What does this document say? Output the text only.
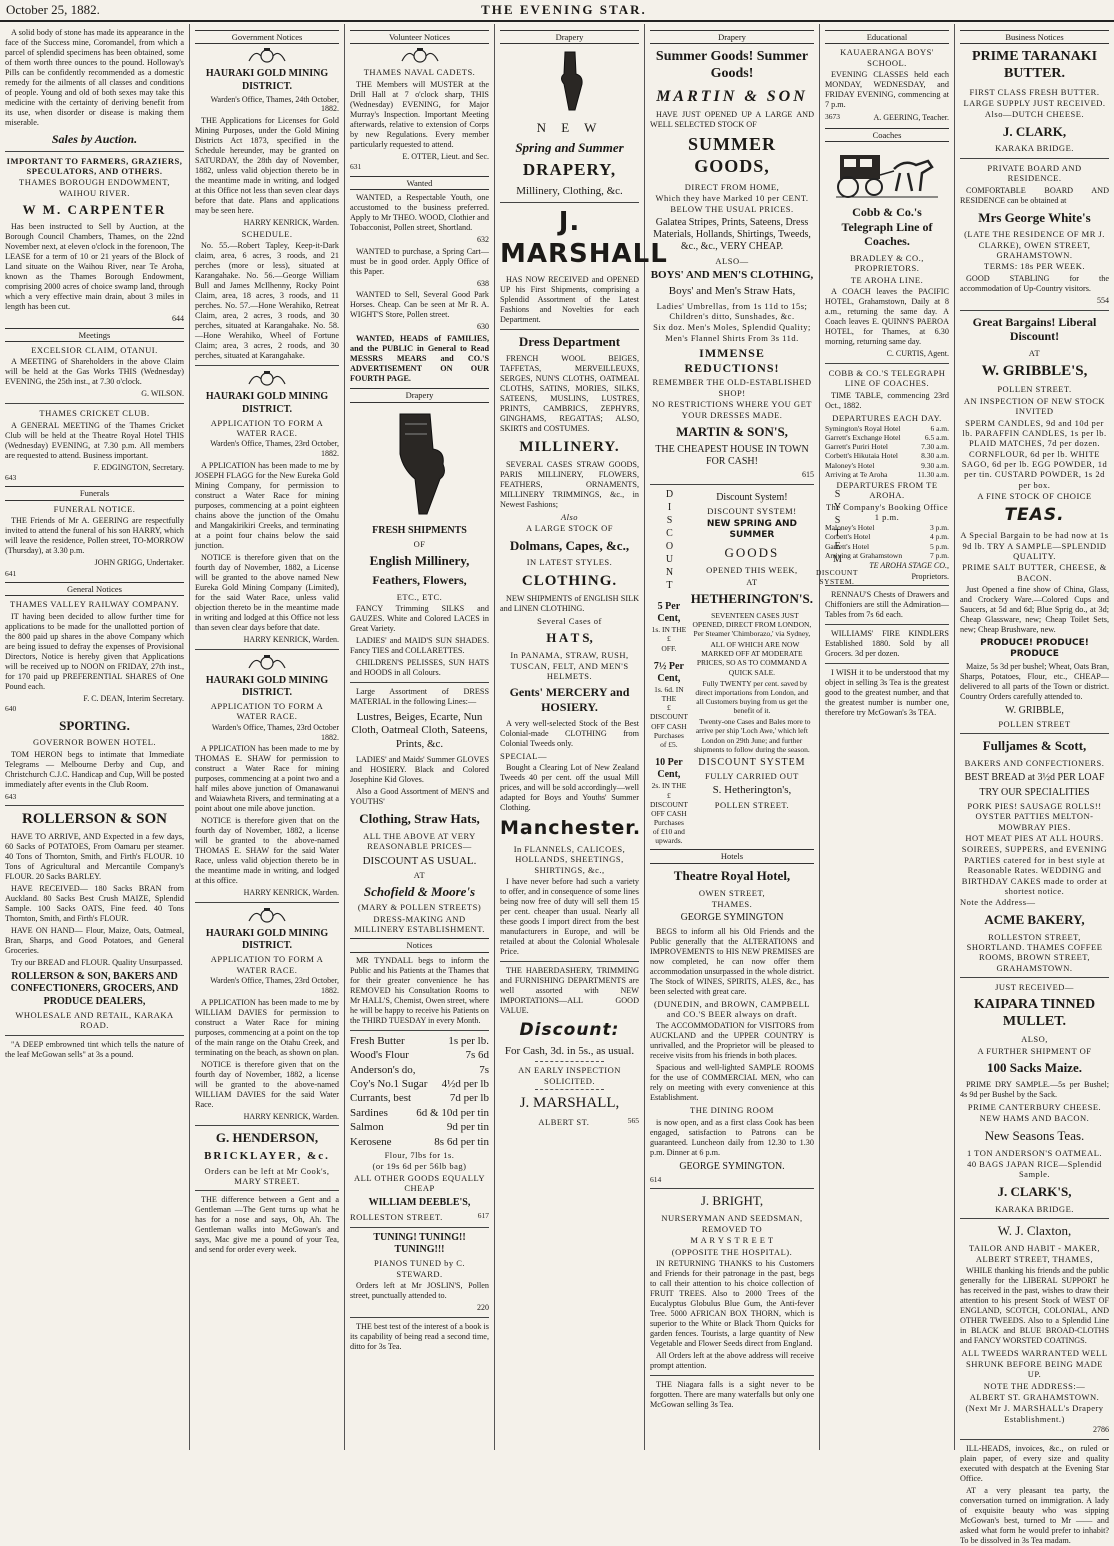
October 25, 1882.	THE EVENING STAR.

A solid body of stone has made its appearance in the face of the Success mine, Coromandel, from which a parcel of splendid specimens has been obtained, some of them worth three ounces to the pound. Holloway's Pills can be confidently recommended as a domestic remedy for the ailments of all classes and conditions of people. Young and old of both sexes may take this medicine with the certainty of deriving benefit from its use, when disorder or disease is making them miserable.

Sales by Auction.
IMPORTANT TO FARMERS, GRAZIERS, SPECULATORS, AND OTHERS.
THAMES BOROUGH ENDOWMENT, WAIHOU RIVER.
W M. CARPENTER

Has been instructed to Sell by Auction, at the Borough Council Chambers, Thames, on the 22nd November next, at eleven o'clock in the forenoon, The LEASE for a term of 10 or 21 years of the Block of Land situate on the Waihou River, near Te Aroha, known as the Thames Borough Endowment, comprising 2000 acres of choice swamp land, through which a very effective main drain, about 3 miles in length has been cut.

644
Meetings
EXCELSIOR CLAIM, OTANUI.

A MEETING of Shareholders in the above Claim will be held at the Gas Works THIS (Wednesday) EVENING, the 25th inst., at 7.30 o'clock.

G. WILSON.
THAMES CRICKET CLUB.

A GENERAL MEETING of the Thames Cricket Club will be held at the Theatre Royal Hotel THIS (Wednesday) EVENING, at 7.30 p.m. All members are requested to attend. Business important.

F. EDGINGTON, Secretary.
643
Funerals
FUNERAL NOTICE.

THE Friends of Mr A. GEERING are respectfully invited to attend the funeral of his son HARRY, which will leave the residence, Pollen street, TO-MORROW (Thursday), at 3.30 p.m.

JOHN GRIGG, Undertaker.
641
General Notices
THAMES VALLEY RAILWAY COMPANY.

IT having been decided to allow further time for applications to be made for the unallotted portion of the 800 paid up shares in the above Company which are being issued to defray the expenses of Provisional Directors, Notice is hereby given that Applications will be received up to NOON on FRIDAY, 27th inst., for 170 paid up PREFERENTIAL SHARES of One Pound each.

F. C. DEAN, Interim Secretary.
640
SPORTING.
GOVERNOR BOWEN HOTEL.

TOM HERON begs to intimate that Immediate Telegrams — Melbourne Derby and Cup, and Christchurch C.J.C. Handicap and Cup, Will be posted immediately after events in the Club Room.

643
ROLLERSON & SON

HAVE TO ARRIVE, AND Expected in a few days, 60 Sacks of POTATOES, From Oamaru per steamer. 40 Tons of Thornton, Smith, and Firth's FLOUR. 10 Tons of Agricultural and Mercantile Company's FLOUR. 20 Sacks BARLEY.

HAVE RECEIVED— 180 Sacks BRAN from Auckland. 80 Sacks Best Crush MAIZE, Splendid Sample. 100 Sacks OATS, Fine feed. 40 Tons Thornton, Smith, and Firth's FLOUR.

HAVE ON HAND— Flour, Maize, Oats, Oatmeal, Bran, Sharps, and Good Potatoes, and General Groceries.

Try our BREAD and FLOUR. Quality Unsurpassed.

ROLLERSON & SON, BAKERS AND CONFECTIONERS, GROCERS, AND PRODUCE DEALERS,
WHOLESALE AND RETAIL, KARAKA ROAD.

"A DEEP embrowned tint which tells the nature of the leaf McGowan sells" at 3s a pound.

Government Notices
HAURAKI GOLD MINING DISTRICT.
Warden's Office, Thames, 24th October, 1882.

THE Applications for Licenses for Gold Mining Purposes, under the Gold Mining Districts Act 1873, specified in the Schedule hereunder, may be granted on SATURDAY, the 28th day of November, 1882, unless valid objection thereto be in the meantime made in writing, and lodged at this Office not less than seven clear days before that date. Plans and applications may be seen here.

HARRY KENRICK, Warden.
SCHEDULE.

No. 55.—Robert Tapley, Keep-it-Dark claim, area, 6 acres, 3 roods, and 21 perches (more or less), situated at Karangahake. No. 56.—George William Bull and James McIlhenny, Rocky Point Claim, area, 18 acres, 3 roods, and 11 perches. No. 57.—Hone Werahiko, Retreat Claim, area, 2 acres, 3 roods, and 30 perches, situated at Karangahake. No. 58.—Hone Werahiko, Wheel of Fortune Claim; area, 3 acres, 2 roods, and 30 perches, situated at Karangahake.

HAURAKI GOLD MINING DISTRICT.
APPLICATION TO FORM A WATER RACE.
Warden's Office, Thames, 23rd October, 1882.

A PPLICATION has been made to me by JOSEPH FLAGG for the New Eureka Gold Mining Company, for permission to construct a Water Race for mining purposes, commencing at a point eighteen chains above the junction of the Omahu and Mangakirikiri Creeks, and terminating at a point four chains below the said junction.

NOTICE is therefore given that on the fourth day of November, 1882, a License will be granted to the above named New Eureka Gold Mining Company (Limited), for the said Water Race, unless valid objection thereto be in the meantime made in writing and lodged at this Office not less than seven clear days before that date.

HARRY KENRICK, Warden.
HAURAKI GOLD MINING DISTRICT.
APPLICATION TO FORM A WATER RACE.
Warden's Office, Thames, 23rd October 1882.

A PPLICATION has been made to me by THOMAS E. SHAW for permission to construct a Water Race for mining purposes, commencing at a point two and a half miles above junction of Omanawanui and Waiawheta Rivers, and terminating at a point about one mile above junction.

NOTICE is therefore given that on the fourth day of November, 1882, a license will be granted to the above-named THOMAS E. SHAW for the said Water Race, unless valid objection thereto be in the meantime made in writing, and lodged at this office.

HARRY KENRICK, Warden.
HAURAKI GOLD MINING DISTRICT.
APPLICATION TO FORM A WATER RACE.
Warden's Office, Thames, 23rd October, 1882.

A PPLICATION has been made to me by WILLIAM DAVIES for permission to construct a Water Race for mining purposes, commencing at a point on the top of the main range on the Otahu Creek, and terminating on the beach, as shown on plan.

NOTICE is therefore given that on the fourth day of November, 1882, a license will be granted to the above-named WILLIAM DAVIES for the said Water Race.

HARRY KENRICK, Warden.
G. HENDERSON,
BRICKLAYER, &c.
Orders can be left at Mr Cook's, MARY STREET.

THE difference between a Gent and a Gentleman —The Gent turns up what he has for a nose and says, Oh, Ah. The Gentleman walks into McGowan's and says, Mac give me a pound of your Tea, and send for order every week.

Volunteer Notices
THAMES NAVAL CADETS.

THE Members will MUSTER at the Drill Hall at 7 o'clock sharp, THIS (Wednesday) EVENING, for Major Murray's Inspection. Important Meeting afterwards, relative to extension of Corps by new Regulations. Every member particularly requested to attend.

E. OTTER, Lieut. and Sec.
631
Wanted

WANTED, a Respectable Youth, one accustomed to the business preferred. Apply to Mr THEO. WOOD, Clothier and Tobacconist, Pollen street, Shortland.

632

WANTED to purchase, a Spring Cart—must be in good order. Apply Office of this Paper.

638

WANTED to Sell, Several Good Park Horses. Cheap. Can be seen at Mr R. A. WIGHT'S Store, Pollen street.

630

WANTED, HEADS of FAMILIES, and the PUBLIC in General to Read MESSRS MEARS and CO.'S ADVERTISEMENT ON OUR FOURTH PAGE.

Drapery
FRESH SHIPMENTS
OF
English Millinery,
Feathers, Flowers,
ETC., ETC.

FANCY Trimming SILKS and GAUZES. White and Colored LACES in Great Variety.

LADIES' and MAID'S SUN SHADES. Fancy TIES and COLLARETTES.

CHILDREN'S PELISSES, SUN HATS and HOODS in all Colours.

Large Assortment of DRESS MATERIAL in the following Lines:—

Lustres, Beiges, Ecarte, Nun Cloth, Oatmeal Cloth, Sateens, Prints, &c.

LADIES' and Maids' Summer GLOVES and HOSIERY. Black and Colored Josephine Kid Gloves.

Also a Good Assortment of MEN'S and YOUTHS'

Clothing, Straw Hats,
ALL THE ABOVE AT VERY REASONABLE PRICES—
DISCOUNT AS USUAL.
AT
Schofield & Moore's
(MARY & POLLEN STREETS)
DRESS-MAKING AND MILLINERY ESTABLISHMENT.
Notices

MR TYNDALL begs to inform the Public and his Patients at the Thames that for their greater convenience he has REMOVED his Consultation Rooms to Mr HALL'S, Chemist, Owen street, where he will be happy to receive his Patients on the THIRD TUESDAY in every Month.

Fresh Butter	1s per lb.
Wood's Flour	7s 6d
Anderson's do,	7s
Coy's No.1 Sugar 4½d per lb
Currants, best	7d per lb
Sardines	6d & 10d per tin
Salmon	9d per tin
Kerosene	8s 6d per tin
Flour, 7lbs for 1s.
(or 19s 6d per 56lb bag)
ALL OTHER GOODS EQUALLY CHEAP
WILLIAM DEEBLE'S,
ROLLESTON STREET.	617
TUNING! TUNING!! TUNING!!!
PIANOS TUNED by C. STEWARD.

Orders left at Mr JOSLIN'S, Pollen street, punctually attended to.

220

THE best test of the interest of a book is its capability of being read a second time, ditto for 3s Tea.

Drapery
N E W
Spring and Summer
DRAPERY,
Millinery, Clothing, &c.
J. MARSHALL

HAS NOW RECEIVED and OPENED UP his First Shipments, comprising a Splendid Assortment of the Latest Fashions and Novelties for each Department.

Dress Department

FRENCH WOOL BEIGES, TAFFETAS, MERVEILLEUXS, SERGES, NUN'S CLOTHS, OATMEAL CLOTHS, SATINS, MORIES, SILKS, SATEENS, MUSLINS, LUSTRES, PRINTS, CAMBRICS, ZEPHYRS, GINGHAMS, REGATTAS; ALSO, SKIRTS and COSTUMES.

MILLINERY.

SEVERAL CASES STRAW GOODS, PARIS MILLINERY, FLOWERS, FEATHERS, ORNAMENTS, MILLINERY TRIMMINGS, &c., in Newest Fashions;

Also
A LARGE STOCK OF
Dolmans, Capes, &c.,
IN LATEST STYLES.
CLOTHING.

NEW SHIPMENTS of ENGLISH SILK and LINEN CLOTHING.

Several Cases of
H A T S,
In PANAMA, STRAW, RUSH, TUSCAN, FELT, AND MEN'S HELMETS.
Gents' MERCERY and HOSIERY.

A very well-selected Stock of the Best Colonial-made CLOTHING from Colonial Tweeds only.

SPECIAL—

Bought a Clearing Lot of New Zealand Tweeds 40 per cent. off the usual Mill prices, and will be sold accordingly—well adapted for Boys and Youths' Summer Clothing.

Manchester.
In FLANNELS, CALICOES, HOLLANDS, SHEETINGS, SHIRTINGS, &c.,

I have never before had such a variety to offer, and in consequence of some lines being now free of duty will sell them 15 per cent. cheaper than usual. Nearly all these goods I import direct from the best manufacturers in Europe, and will be retailed at about the Colonial Wholesale Price.

THE HABERDASHERY, TRIMMING and FURNISHING DEPARTMENTS are well assorted with NEW IMPORTATIONS—ALL GOOD VALUE.

Discount:
For Cash, 3d. in 5s., as usual.
AN EARLY INSPECTION SOLICITED.
J. MARSHALL,
ALBERT ST.	565
Drapery
Summer Goods! Summer Goods!
MARTIN & SON

HAVE JUST OPENED UP A LARGE AND WELL SELECTED STOCK OF

SUMMER GOODS,
DIRECT FROM HOME,
Which they have Marked 10 per CENT. BELOW THE USUAL PRICES.
Galatea Stripes, Prints, Sateens, Dress Materials, Hollands, Shirtings, Tweeds, &c., &c., VERY CHEAP.
ALSO—
BOYS' AND MEN'S CLOTHING,
Boys' and Men's Straw Hats,
Ladies' Umbrellas, from 1s 11d to 15s; Children's ditto, Sunshades, &c.
Six doz. Men's Moles, Splendid Quality; Men's Flannel Shirts From 3s 11d.
IMMENSE REDUCTIONS!
REMEMBER THE OLD-ESTABLISHED SHOP!
NO RESTRICTIONS WHERE YOU GET YOUR DRESSES MADE.
MARTIN & SON'S,
THE CHEAPEST HOUSE IN TOWN FOR CASH!
615
DISCOUNT
5 Per Cent,
1s. IN THE
£
OFF.
7½ Per Cent,
1s. 6d. IN THE
£
DISCOUNT OFF CASH Purchases of £5.
10 Per Cent,
2s. IN THE
£
DISCOUNT OFF CASH Purchases of £10 and upwards.
Discount System!
DISCOUNT SYSTEM!
NEW SPRING AND SUMMER
GOODS
OPENED THIS WEEK,
AT
HETHERINGTON'S.

SEVENTEEN CASES JUST OPENED, DIRECT FROM LONDON, Per Steamer 'Chimborazo,' via Sydney,

ALL OF WHICH ARE NOW MARKED OFF AT MODERATE PRICES, SO AS TO COMMAND A QUICK SALE.

Fully TWENTY per cent. saved by direct importations from London, and all Customers buying from us get the benefit of it.

Twenty-one Cases and Bales more to arrive per ship 'Loch Awe,' which left London on 29th June; and further shipments to follow during the season.

DISCOUNT SYSTEM
FULLY CARRIED OUT
S. Hetherington's,
POLLEN STREET.
SYSTEM
DISCOUNT SYSTEM.
Hotels
Theatre Royal Hotel,
OWEN STREET,
THAMES.
GEORGE SYMINGTON

BEGS to inform all his Old Friends and the Public generally that the ALTERATIONS and IMPROVEMENTS to HIS NEW PREMISES are now completed, he can now offer them accommodation unsurpassed in the whole district. The Stock of WINES, SPIRITS, ALES, &c., has been selected with great care.

(DUNEDIN, and BROWN, CAMPBELL and CO.'S BEER always on draft.

The ACCOMMODATION for VISITORS from AUCKLAND and the UPPER COUNTRY is unrivalled, and the Proprietor will be pleased to receive visits from his friends in both places.

Spacious and well-lighted SAMPLE ROOMS for the use of COMMERCIAL MEN, who can rely on meeting with every convenience at this Establishment.

THE DINING ROOM

is now open, and as a first class Cook has been engaged, satisfaction to Patrons can be guaranteed. Luncheon daily from 12.30 to 1.30 p.m. Dinner at 6 p.m.

GEORGE SYMINGTON.
614
J. BRIGHT,
NURSERYMAN AND SEEDSMAN,
REMOVED TO
M A R Y S T R E E T
(OPPOSITE THE HOSPITAL).

IN RETURNING THANKS to his Customers and Friends for their patronage in the past, begs to call their attention to his choice collection of FRUIT TREES. Also to 2000 Trees of the Eucalyptus Globulus Blue Gum, the Anti-fever Tree. 5000 AFRICAN BOX THORN, which is superior to the White or Black Thorn Quicks for garden fences. Tourists, a large quantity of New Vegetable and Flower Seeds direct from England.

All Orders left at the above address will receive prompt attention.

THE Niagara falls is a sight never to be forgotten. There are many waterfalls but only one McGowan selling 3s Tea.

Educational
KAUAERANGA BOYS' SCHOOL.

EVENING CLASSES held each MONDAY, WEDNESDAY, and FRIDAY EVENING, commencing at 7 p.m.

3673	A. GEERING, Teacher.
Coaches
Cobb & Co.'s Telegraph Line of Coaches.
BRADLEY & CO., PROPRIETORS.
TE AROHA LINE.

A COACH leaves the PACIFIC HOTEL, Grahamstown, Daily at 8 a.m., returning the same day. A Coach leaves E. QUINN'S PAEROA HOTEL, for Thames, at 6.30 morning, returning same day.

C. CURTIS, Agent.
COBB & CO.'S TELEGRAPH LINE OF COACHES.

TIME TABLE, commencing 23rd Oct., 1882.

DEPARTURES EACH DAY.
Symington's Royal Hotel	6 a.m.
Garrett's Exchange Hotel	6.5 a.m.
Garrett's Puriri Hotel	7.30 a.m.
Corbett's Hikutaia Hotel	8.30 a.m.
Maloney's Hotel	9.30 a.m.
Arriving at Te Aroha	11.30 a.m.
DEPARTURES FROM TE AROHA.
The Company's Booking Office 1 p.m.
Maloney's Hotel	3 p.m.
Corbett's Hotel	4 p.m.
Garrett's Hotel	5 p.m.
Arriving at Grahamstown	7 p.m.
TE AROHA STAGE CO.,
Proprietors.

RENNAU'S Chests of Drawers and Chiffoniers are still the Admiration—Tables from 7s 6d each.

WILLIAMS' FIRE KINDLERS Established 1880. Sold by all Grocers. 3d per dozen.

I WISH it to be understood that my object in selling 3s Tea is the greatest good to the greatest number, and that the greatest number is number one, therefore try McGowan's 3s TEA.

Business Notices
PRIME TARANAKI BUTTER.
FIRST CLASS FRESH BUTTER.
LARGE SUPPLY JUST RECEIVED.
Also—DUTCH CHEESE.
J. CLARK,
KARAKA BRIDGE.
PRIVATE BOARD AND RESIDENCE.

COMFORTABLE BOARD AND RESIDENCE can be obtained at

Mrs George White's
(LATE THE RESIDENCE OF MR J. CLARKE), OWEN STREET, GRAHAMSTOWN.
TERMS: 18s PER WEEK.

GOOD STABLING for the accommodation of Up-Country visitors.

554
Great Bargains! Liberal Discount!
AT
W. GRIBBLE'S,
POLLEN STREET.
AN INSPECTION OF NEW STOCK INVITED
SPERM CANDLES, 9d and 10d per lb. PARAFFIN CANDLES, 1s per lb. PLAID MATCHES, 7d per dozen. CORNFLOUR, 6d per lb. WHITE SAGO, 6d per lb. EGG POWDER, 1d per tin. CUSTARD POWDER, 1s 2d per box.
A FINE STOCK OF CHOICE
TEAS.
A Special Bargain to be had now at 1s 9d lb. TRY A SAMPLE—SPLENDID QUALITY.
PRIME SALT BUTTER, CHEESE, & BACON.

Just Opened a fine show of China, Glass, and Crockery Ware.—Colored Cups and Saucers, at 5d and 6d; Blue Sprig do., at 3d; Cheap Glassware, new; Cheap Toilet Sets, new; Cheap Brushware, new.

PRODUCE! PRODUCE! PRODUCE

Maize, 5s 3d per bushel; Wheat, Oats Bran, Sharps, Potatoes, Flour, etc., CHEAP—delivered to all parts of the Town or district. Country Orders carefully attended to.

W. GRIBBLE,
POLLEN STREET
Fulljames & Scott,
BAKERS AND CONFECTIONERS.
BEST BREAD at 3½d PER LOAF
TRY OUR SPECIALITIES
PORK PIES! SAUSAGE ROLLS!! OYSTER PATTIES MELTON-MOWBRAY PIES.
HOT MEAT PIES AT ALL HOURS.
SOIREES, SUPPERS, and EVENING PARTIES catered for in best style at Reasonable Rates. WEDDING and BIRTHDAY CAKES made to order at shortest notice.
Note the Address—
ACME BAKERY,
ROLLESTON STREET, SHORTLAND. THAMES COFFEE ROOMS, BROWN STREET, GRAHAMSTOWN.
JUST RECEIVED—
KAIPARA TINNED MULLET.
ALSO,
A FURTHER SHIPMENT OF
100 Sacks Maize.

PRIME DRY SAMPLE.—5s per Bushel; 4s 9d per Bushel by the Sack.

PRIME CANTERBURY CHEESE.
NEW HAMS AND BACON.
New Seasons Teas.
1 TON ANDERSON'S OATMEAL.
40 BAGS JAPAN RICE—Splendid Sample.
J. CLARK'S,
KARAKA BRIDGE.
W. J. Claxton,
TAILOR AND HABIT - MAKER,
ALBERT STREET, THAMES,

WHILE thanking his friends and the public generally for the LIBERAL SUPPORT he has received in the past, wishes to draw their attention to his present Stock of WEST OF ENGLAND, SCOTCH, COLONIAL, AND OTHER TWEEDS. Also to a Splendid Line in BLACK and BLUE BROAD-CLOTHS and FANCY WORSTED COATINGS.

ALL TWEEDS WARRANTED WELL SHRUNK BEFORE BEING MADE UP.
NOTE THE ADDRESS:—
ALBERT ST. GRAHAMSTOWN.
(Next Mr J. MARSHALL's Drapery Establishment.)
2786

ILL-HEADS, invoices, &c., on ruled or plain paper, of every size and quality executed with despatch at the Evening Star Office.

AT a very pleasant tea party, the conversation turned on immigration. A lady of exquisite beauty who was sipping McGowan's best, turned to Mr —— and asked what form he would prefer to inhabit? To be dissolved in 3s Tea madam.
